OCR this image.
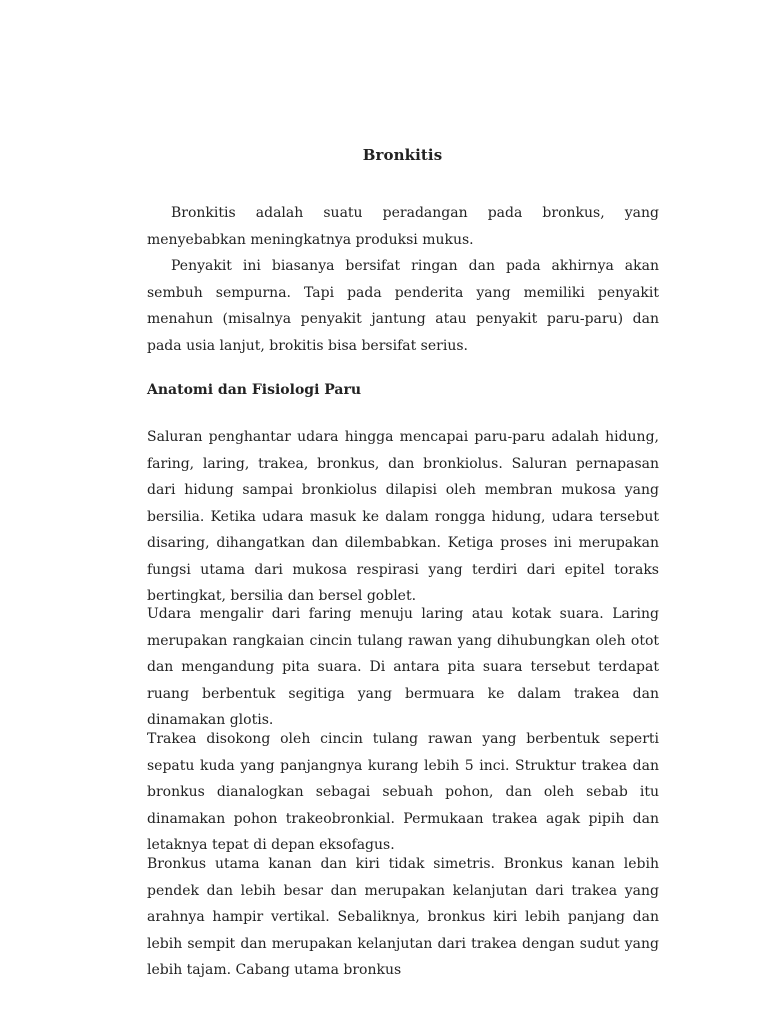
Bronkitis

Bronkitis adalah suatu peradangan pada bronkus, yang menyebabkan meningkatnya produksi mukus.

Penyakit ini biasanya bersifat ringan dan pada akhirnya akan sembuh sempurna. Tapi pada penderita yang memiliki penyakit menahun (misalnya penyakit jantung atau penyakit paru-paru) dan pada usia lanjut, brokitis bisa bersifat serius.

Anatomi dan Fisiologi Paru

Saluran penghantar udara hingga mencapai paru-paru adalah hidung, faring, laring, trakea, bronkus, dan bronkiolus. Saluran pernapasan dari hidung sampai bronkiolus dilapisi oleh membran mukosa yang bersilia. Ketika udara masuk ke dalam rongga hidung, udara tersebut disaring, dihangatkan dan dilembabkan. Ketiga proses ini merupakan fungsi utama dari mukosa respirasi yang terdiri dari epitel toraks bertingkat, bersilia dan bersel goblet.

Udara mengalir dari faring menuju laring atau kotak suara. Laring merupakan rangkaian cincin tulang rawan yang dihubungkan oleh otot dan mengandung pita suara. Di antara pita suara tersebut terdapat ruang berbentuk segitiga yang bermuara ke dalam trakea dan dinamakan glotis.

Trakea disokong oleh cincin tulang rawan yang berbentuk seperti sepatu kuda yang panjangnya kurang lebih 5 inci. Struktur trakea dan bronkus dianalogkan sebagai sebuah pohon, dan oleh sebab itu dinamakan pohon trakeobronkial. Permukaan trakea agak pipih dan letaknya tepat di depan eksofagus.

Bronkus utama kanan dan kiri tidak simetris. Bronkus kanan lebih pendek dan lebih besar dan merupakan kelanjutan dari trakea yang arahnya hampir vertikal. Sebaliknya, bronkus kiri lebih panjang dan lebih sempit dan merupakan kelanjutan dari trakea dengan sudut yang lebih tajam. Cabang utama bronkus
